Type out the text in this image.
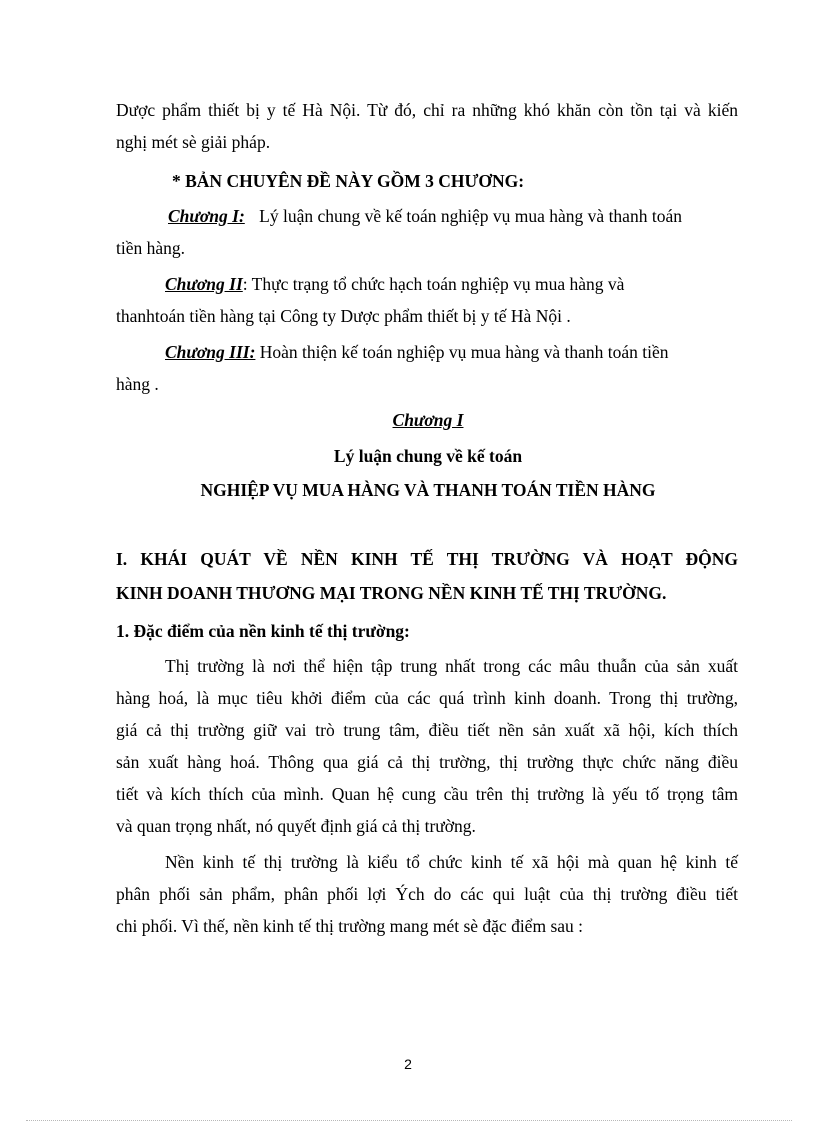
Dược phẩm thiết bị y tế Hà Nội. Từ đó, chỉ ra những khó khăn còn tồn tại và kiến
nghị mét sè giải pháp.
* BẢN CHUYÊN ĐỀ NÀY GỒM 3 CHƯƠNG:
Chương I: Lý luận chung về kế toán nghiệp vụ mua hàng và thanh toán
tiền hàng.
Chương II: Thực trạng tổ chức hạch toán nghiệp vụ mua hàng và
thanhtoán tiền hàng tại Công ty Dược phẩm thiết bị y tế Hà Nội .
Chương III: Hoàn thiện kế toán nghiệp vụ mua hàng và thanh toán tiền
hàng .
Chương I
Lý luận chung về kế toán
NGHIỆP VỤ MUA HÀNG VÀ THANH TOÁN TIỀN HÀNG
I. KHÁI QUÁT VỀ NỀN KINH TẾ THỊ TRƯỜNG VÀ HOẠT ĐỘNG
KINH DOANH THƯƠNG MẠI TRONG NỀN KINH TẾ THỊ TRƯỜNG.
1. Đặc điểm của nền kinh tế thị trường:
Thị trường là nơi thể hiện tập trung nhất trong các mâu thuẫn của sản xuất
hàng hoá, là mục tiêu khởi điểm của các quá trình kinh doanh. Trong thị trường,
giá cả thị trường giữ vai trò trung tâm, điều tiết nền sản xuất xã hội, kích thích
sản xuất hàng hoá. Thông qua giá cả thị trường, thị trường thực chức năng điều
tiết và kích thích của mình. Quan hệ cung cầu trên thị trường là yếu tố trọng tâm
và quan trọng nhất, nó quyết định giá cả thị trường.
Nền kinh tế thị trường là kiểu tổ chức kinh tế xã hội mà quan hệ kinh tế
phân phối sản phẩm, phân phối lợi Ých do các qui luật của thị trường điều tiết
chi phối. Vì thế, nền kinh tế thị trường mang mét sè đặc điểm sau :
2
